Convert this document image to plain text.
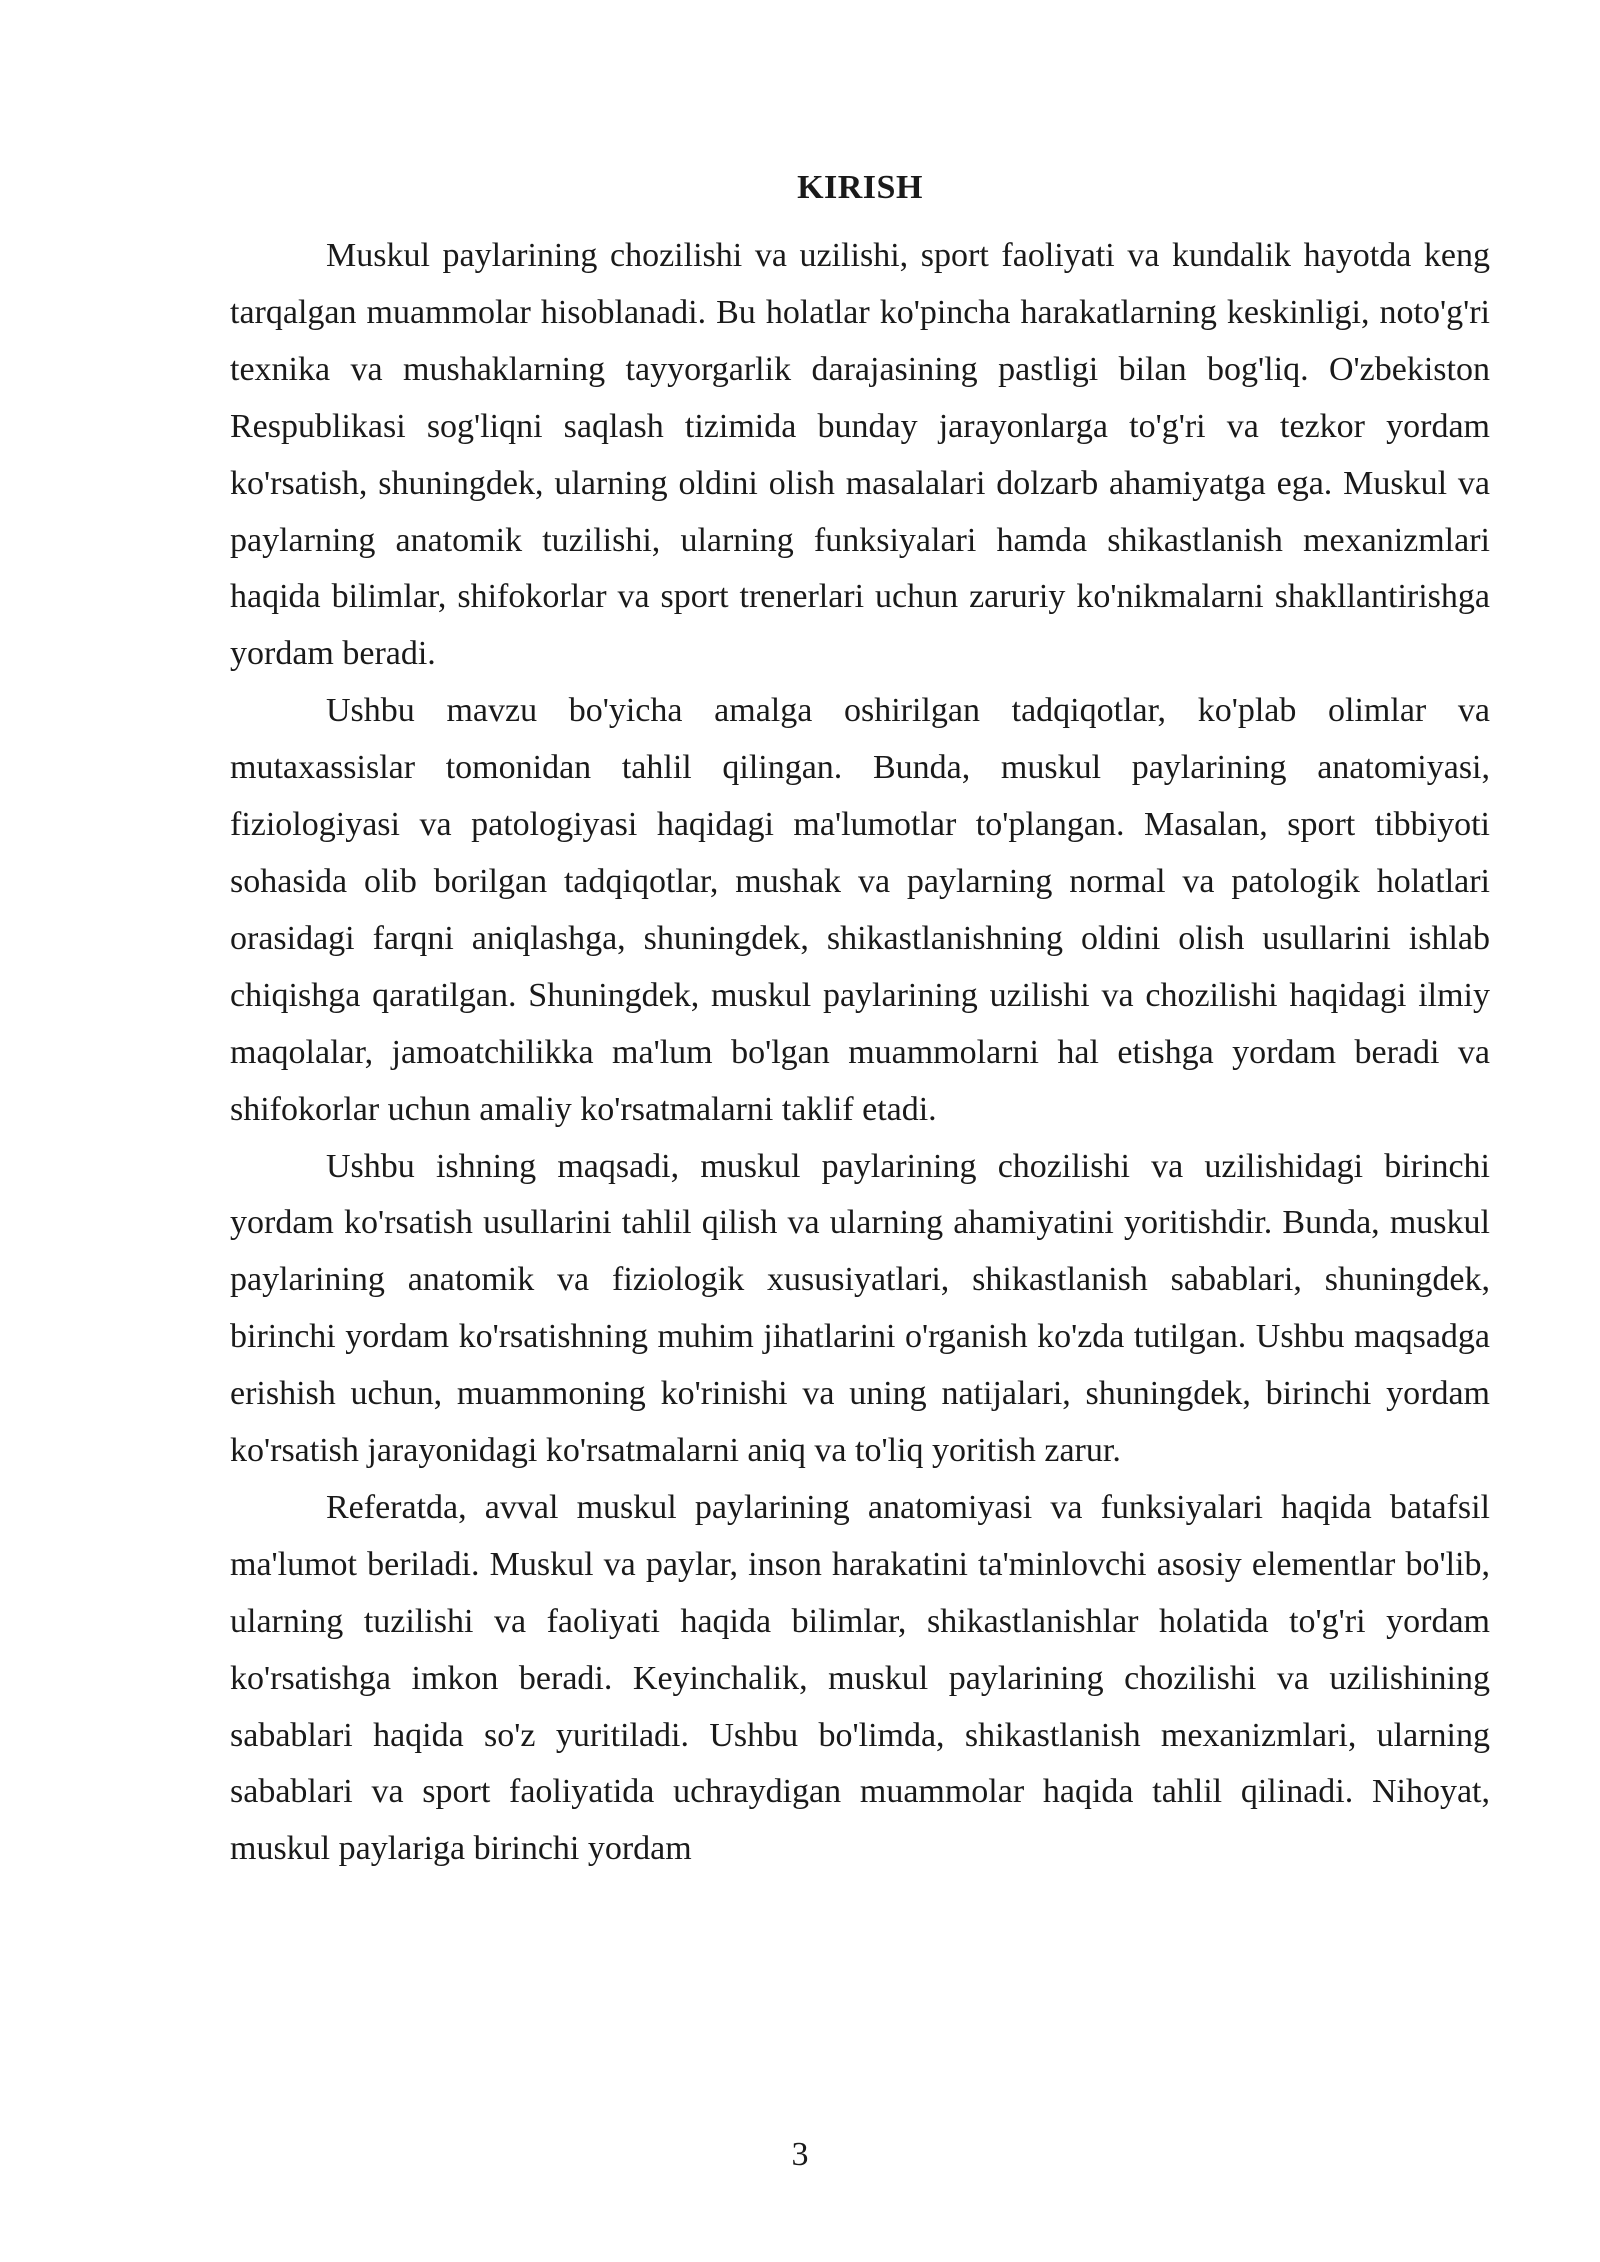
KIRISH

Muskul paylarining chozilishi va uzilishi, sport faoliyati va kundalik hayotda keng tarqalgan muammolar hisoblanadi. Bu holatlar ko'pincha harakatlarning keskinligi, noto'g'ri texnika va mushaklarning tayyorgarlik darajasining pastligi bilan bog'liq. O'zbekiston Respublikasi sog'liqni saqlash tizimida bunday jarayonlarga to'g'ri va tezkor yordam ko'rsatish, shuningdek, ularning oldini olish masalalari dolzarb ahamiyatga ega. Muskul va paylarning anatomik tuzilishi, ularning funksiyalari hamda shikastlanish mexanizmlari haqida bilimlar, shifokorlar va sport trenerlari uchun zaruriy ko'nikmalarni shakllantirishga yordam beradi.

Ushbu mavzu bo'yicha amalga oshirilgan tadqiqotlar, ko'plab olimlar va mutaxassislar tomonidan tahlil qilingan. Bunda, muskul paylarining anatomiyasi, fiziologiyasi va patologiyasi haqidagi ma'lumotlar to'plangan. Masalan, sport tibbiyoti sohasida olib borilgan tadqiqotlar, mushak va paylarning normal va patologik holatlari orasidagi farqni aniqlashga, shuningdek, shikastlanishning oldini olish usullarini ishlab chiqishga qaratilgan. Shuningdek, muskul paylarining uzilishi va chozilishi haqidagi ilmiy maqolalar, jamoatchilikka ma'lum bo'lgan muammolarni hal etishga yordam beradi va shifokorlar uchun amaliy ko'rsatmalarni taklif etadi.

Ushbu ishning maqsadi, muskul paylarining chozilishi va uzilishidagi birinchi yordam ko'rsatish usullarini tahlil qilish va ularning ahamiyatini yoritishdir. Bunda, muskul paylarining anatomik va fiziologik xususiyatlari, shikastlanish sabablari, shuningdek, birinchi yordam ko'rsatishning muhim jihatlarini o'rganish ko'zda tutilgan. Ushbu maqsadga erishish uchun, muammoning ko'rinishi va uning natijalari, shuningdek, birinchi yordam ko'rsatish jarayonidagi ko'rsatmalarni aniq va to'liq yoritish zarur.

Referatda, avval muskul paylarining anatomiyasi va funksiyalari haqida batafsil ma'lumot beriladi. Muskul va paylar, inson harakatini ta'minlovchi asosiy elementlar bo'lib, ularning tuzilishi va faoliyati haqida bilimlar, shikastlanishlar holatida to'g'ri yordam ko'rsatishga imkon beradi. Keyinchalik, muskul paylarining chozilishi va uzilishining sabablari haqida so'z yuritiladi. Ushbu bo'limda, shikastlanish mexanizmlari, ularning sabablari va sport faoliyatida uchraydigan muammolar haqida tahlil qilinadi. Nihoyat, muskul paylariga birinchi yordam

3
